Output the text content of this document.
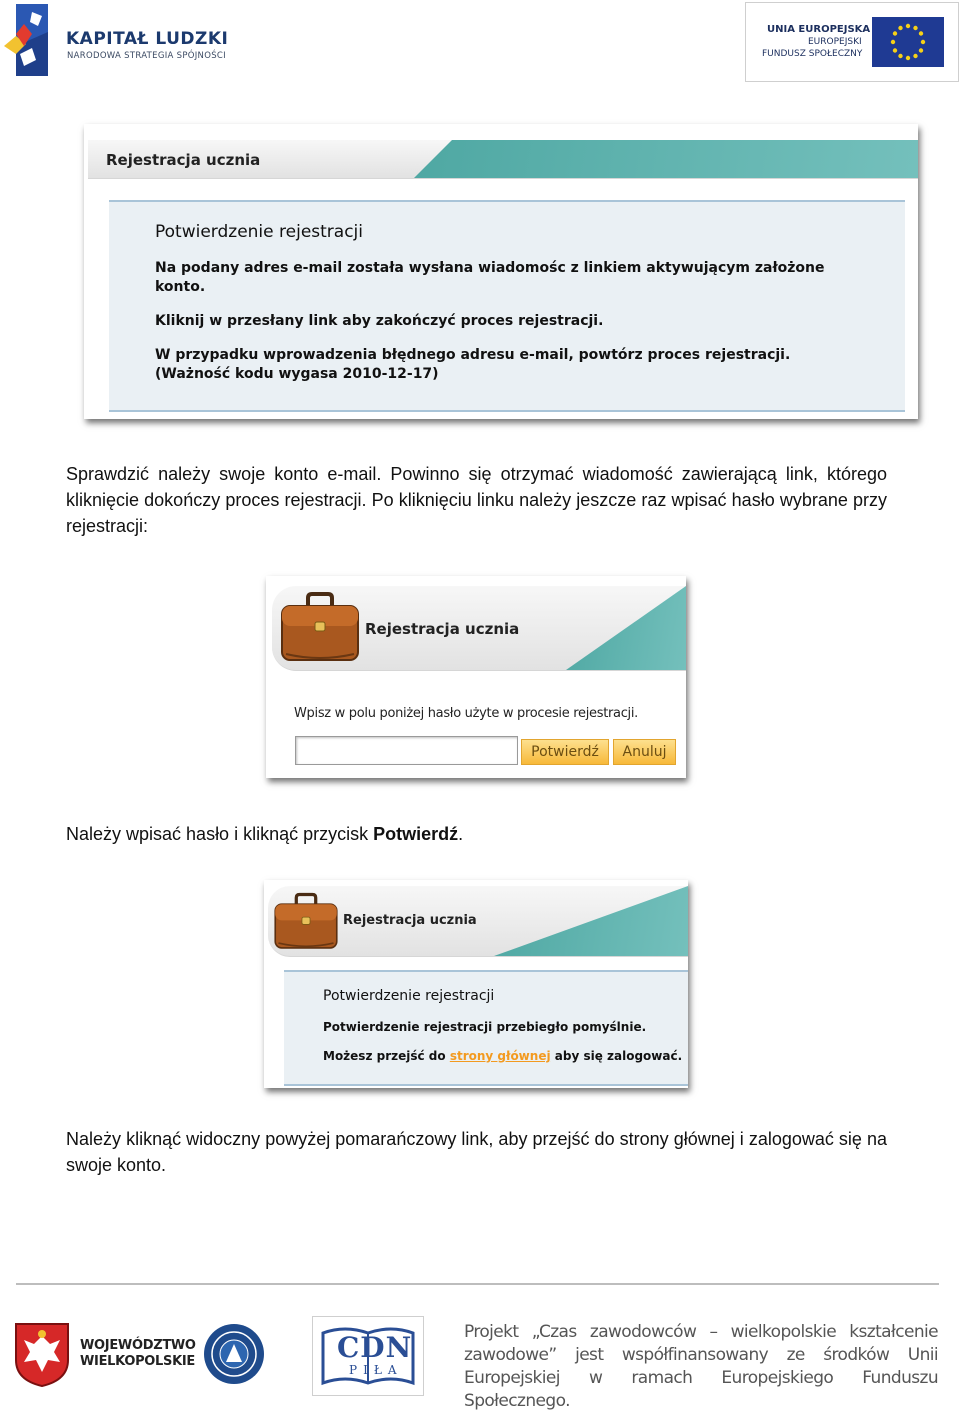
KAPITAŁ LUDZKI
NARODOWA STRATEGIA SPÓJNOŚCI
UNIA EUROPEJSKA
EUROPEJSKI
FUNDUSZ SPOŁECZNY
Rejestracja ucznia
Potwierdzenie rejestracji
Na podany adres e-mail została wysłana wiadomośc z linkiem aktywującym założone
konto.
Kliknij w przesłany link aby zakończyć proces rejestracji.
W przypadku wprowadzenia błędnego adresu e-mail, powtórz proces rejestracji.
(Ważność kodu wygasa 2010-12-17)
Sprawdzić należy swoje konto e-mail. Powinno się otrzymać wiadomość zawierającą link, którego kliknięcie dokończy proces rejestracji. Po kliknięciu linku należy jeszcze raz wpisać hasło wybrane przy rejestracji:
Rejestracja ucznia
Wpisz w polu poniżej hasło użyte w procesie rejestracji.
Potwierdź	Anuluj
Należy wpisać hasło i kliknąć przycisk Potwierdź.
Rejestracja ucznia
Potwierdzenie rejestracji
Potwierdzenie rejestracji przebiegło pomyślnie.
Możesz przejść do strony głównej aby się zalogować.
Należy kliknąć widoczny powyżej pomarańczowy link, aby przejść do strony głównej i zalogować się na swoje konto.
WOJEWÓDZTWO
WIELKOPOLSKIE	CDN
PIŁA
Projekt „Czas zawodowców – wielkopolskie kształcenie zawodowe” jest współfinansowany ze środków Unii Europejskiej w ramach Europejskiego Funduszu Społecznego.
